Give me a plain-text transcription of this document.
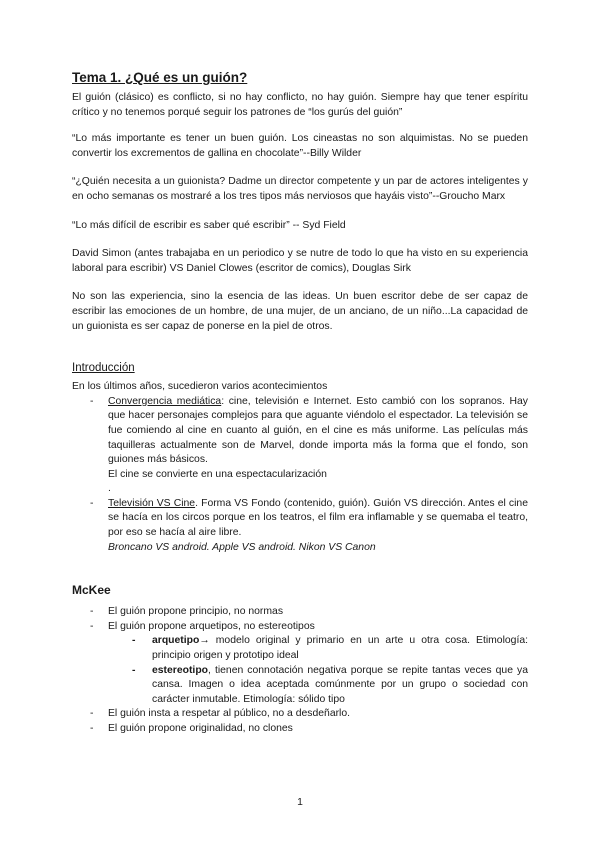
Tema 1. ¿Qué es un guión?

El guión (clásico) es conflicto, si no hay conflicto, no hay guión. Siempre hay que tener espíritu crítico y no tenemos porqué seguir los patrones de “los gurús del guión”

“Lo más importante es tener un buen guión. Los cineastas no son alquimistas. No se pueden convertir los excrementos de gallina en chocolate”--Billy Wilder

“¿Quién necesita a un guionista? Dadme un director competente y un par de actores inteligentes y en ocho semanas os mostraré a los tres tipos más nerviosos que hayáis visto”--Groucho Marx

“Lo más difícil de escribir es saber qué escribir” -- Syd Field

David Simon (antes trabajaba en un periodico y se nutre de todo lo que ha visto en su experiencia laboral para escribir) VS Daniel Clowes (escritor de comics), Douglas Sirk

No son las experiencia, sino la esencia de las ideas. Un buen escritor debe de ser capaz de escribir las emociones de un hombre, de una mujer, de un anciano, de un niño...La capacidad de un guionista es ser capaz de ponerse en la piel de otros.

Introducción

En los últimos años, sucedieron varios acontecimientos

- Convergencia mediática: cine, televisión e Internet. Esto cambió con los sopranos. Hay que hacer personajes complejos para que aguante viéndolo el espectador. La televisión se fue comiendo al cine en cuanto al guión, en el cine es más uniforme. Las películas más taquilleras actualmente son de Marvel, donde importa más la forma que el fondo, son guiones más básicos.
El cine se convierte en una espectacularización
.
- Televisión VS Cine. Forma VS Fondo (contenido, guión). Guión VS dirección. Antes el cine se hacía en los circos porque en los teatros, el film era inflamable y se quemaba el teatro, por eso se hacía al aire libre.
Broncano VS android. Apple VS android. Nikon VS Canon
McKee
- El guión propone principio, no normas
- El guión propone arquetipos, no estereotipos
- arquetipo→ modelo original y primario en un arte u otra cosa. Etimología: principio origen y prototipo ideal
- estereotipo, tienen connotación negativa porque se repite tantas veces que ya cansa. Imagen o idea aceptada comúnmente por un grupo o sociedad con carácter inmutable. Etimología: sólido tipo
- El guión insta a respetar al público, no a desdeñarlo.
- El guión propone originalidad, no clones
1
